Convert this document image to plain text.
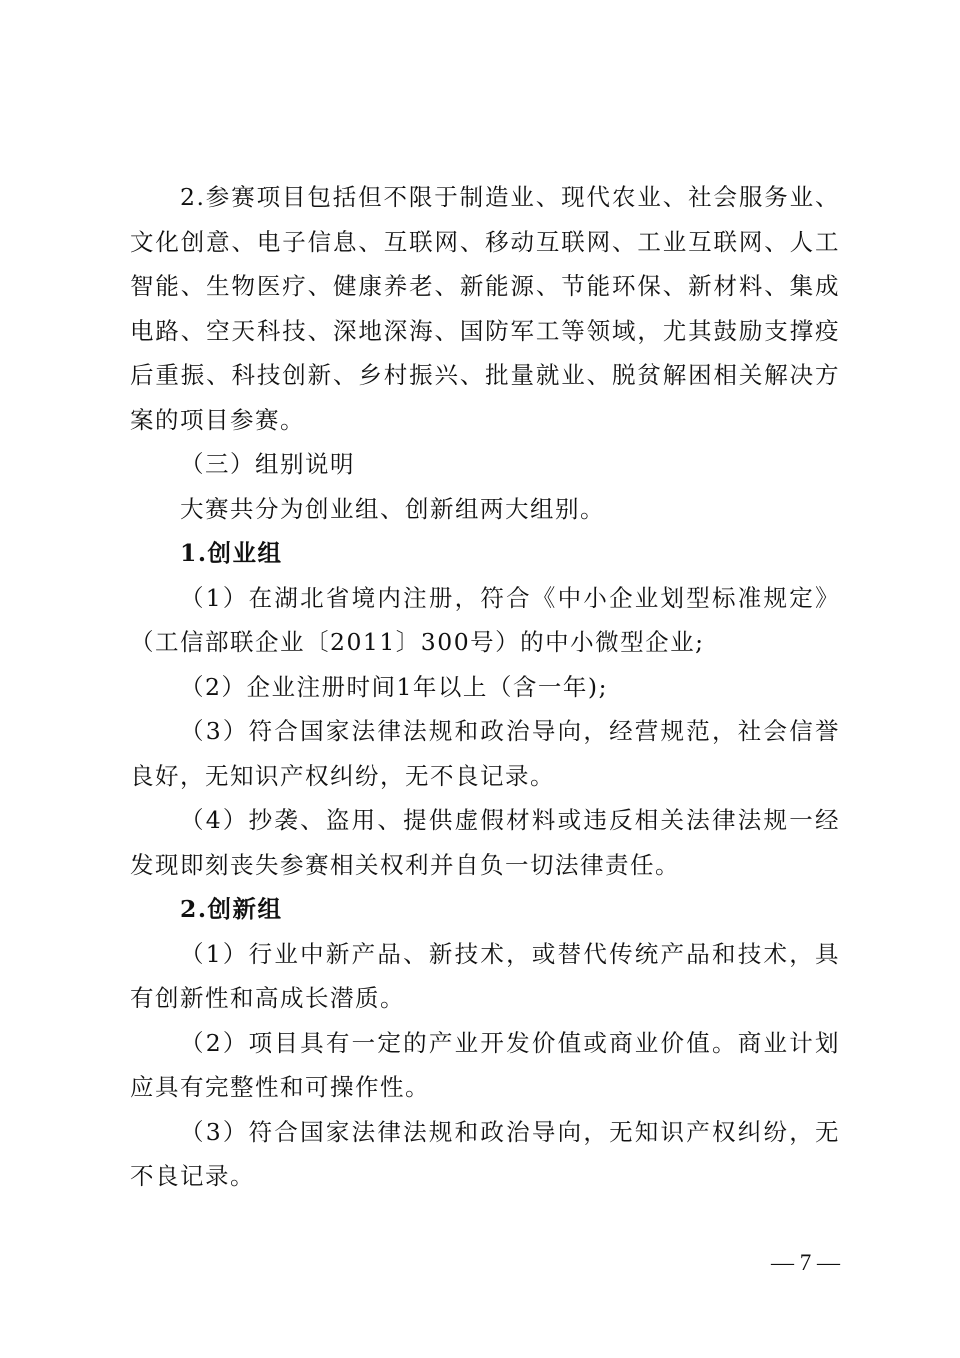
2.参赛项目包括但不限于制造业、现代农业、社会服务业、
文化创意、电子信息、互联网、移动互联网、工业互联网、人工
智能、生物医疗、健康养老、新能源、节能环保、新材料、集成
电路、空天科技、深地深海、国防军工等领域，尤其鼓励支撑疫
后重振、科技创新、乡村振兴、批量就业、脱贫解困相关解决方
案的项目参赛。
（三）组别说明
大赛共分为创业组、创新组两大组别。
1.创业组
（1）在湖北省境内注册，符合《中小企业划型标准规定》
（工信部联企业〔2011〕300号）的中小微型企业;
（2）企业注册时间1年以上（含一年);
（3）符合国家法律法规和政治导向，经营规范，社会信誉
良好，无知识产权纠纷，无不良记录。
（4）抄袭、盗用、提供虚假材料或违反相关法律法规一经
发现即刻丧失参赛相关权利并自负一切法律责任。
2.创新组
（1）行业中新产品、新技术，或替代传统产品和技术，具
有创新性和高成长潜质。
（2）项目具有一定的产业开发价值或商业价值。商业计划
应具有完整性和可操作性。
（3）符合国家法律法规和政治导向，无知识产权纠纷，无
不良记录。
— 7 —
